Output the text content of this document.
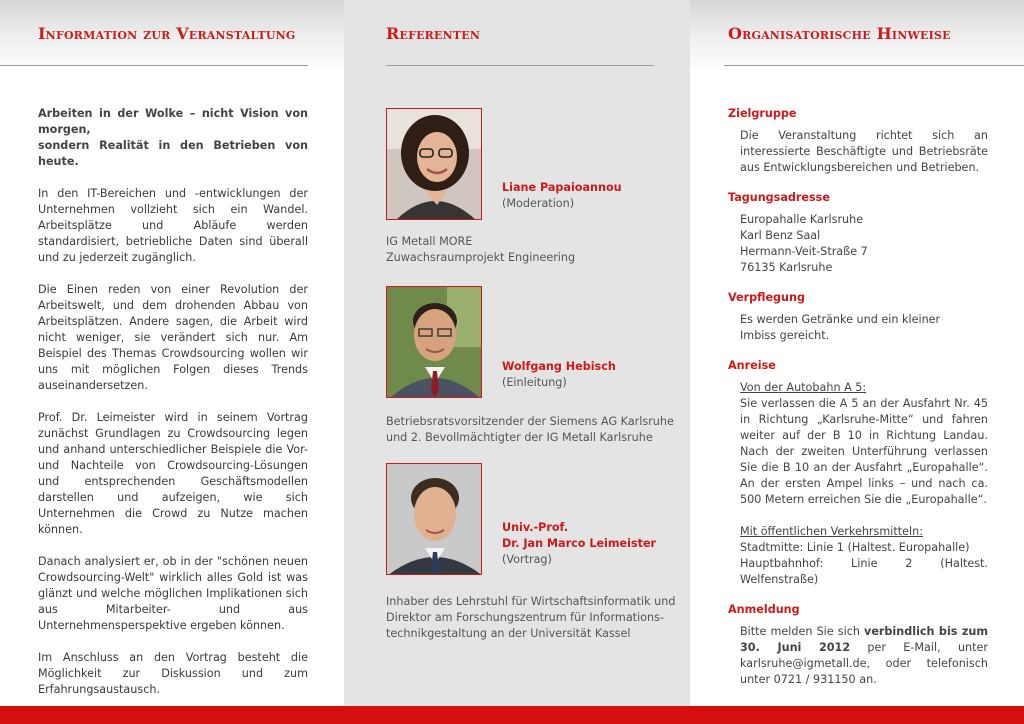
Information zur Veranstaltung

Arbeiten in der Wolke – nicht Vision von morgen,
sondern Realität in den Betrieben von heute.

In den IT-Bereichen und -entwicklungen der Unternehmen vollzieht sich ein Wandel. Arbeitsplätze und Abläufe werden standardisiert, betriebliche Daten sind überall und zu jederzeit zugänglich.

Die Einen reden von einer Revolution der Arbeitswelt, und dem drohenden Abbau von Arbeitsplätzen. Andere sagen, die Arbeit wird nicht weniger, sie verändert sich nur. Am Beispiel des Themas Crowdsourcing wollen wir uns mit möglichen Folgen dieses Trends auseinandersetzen.

Prof. Dr. Leimeister wird in seinem Vortrag zunächst Grundlagen zu Crowdsourcing legen und anhand unterschiedlicher Beispiele die Vor- und Nachteile von Crowdsourcing-Lösungen und entsprechenden Geschäftsmodellen darstellen und aufzeigen, wie sich Unternehmen die Crowd zu Nutze machen können.

Danach analysiert er, ob in der "schönen neuen Crowdsourcing-Welt" wirklich alles Gold ist was glänzt und welche möglichen Implikationen sich aus Mitarbeiter- und aus Unternehmensperspektive ergeben können.

Im Anschluss an den Vortrag besteht die Möglichkeit zur Diskussion und zum Erfahrungsaustausch.

Referenten
Liane Papaioannou
(Moderation)
IG Metall MORE
Zuwachsraumprojekt Engineering
Wolfgang Hebisch
(Einleitung)
Betriebsratsvorsitzender der Siemens AG Karlsruhe
und 2. Bevollmächtigter der IG Metall Karlsruhe
Univ.-Prof.
Dr. Jan Marco Leimeister
(Vortrag)
Inhaber des Lehrstuhl für Wirtschaftsinformatik und
Direktor am Forschungszentrum für Informations-
technikgestaltung an der Universität Kassel
Organisatorische Hinweise
Zielgruppe
Die Veranstaltung richtet sich an interessierte Beschäftigte und Betriebsräte aus Entwicklungsbereichen und Betrieben.
Tagungsadresse
Europahalle Karlsruhe
Karl Benz Saal
Hermann-Veit-Straße 7
76135 Karlsruhe
Verpflegung
Es werden Getränke und ein kleiner
Imbiss gereicht.
Anreise
Von der Autobahn A 5:
Sie verlassen die A 5 an der Ausfahrt Nr. 45 in Richtung „Karlsruhe-Mitte“ und fahren weiter auf der B 10 in Richtung Landau. Nach der zweiten Unterführung verlassen Sie die B 10 an der Ausfahrt „Europahalle“. An der ersten Ampel links – und nach ca. 500 Metern erreichen Sie die „Europahalle“.
Mit öffentlichen Verkehrsmitteln:
Stadtmitte: Linie 1 (Haltest. Europahalle)
Hauptbahnhof: Linie 2 (Haltest. Welfenstraße)
Anmeldung
Bitte melden Sie sich verbindlich bis zum 30. Juni 2012 per E-Mail, unter karlsruhe@igmetall.de, oder telefonisch unter 0721 / 931150 an.
